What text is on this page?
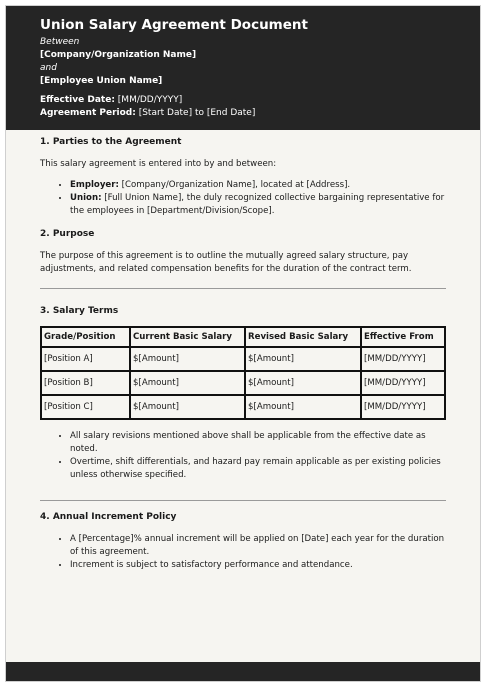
Union Salary Agreement Document
Between
[Company/Organization Name]
and
[Employee Union Name]
Effective Date: [MM/DD/YYYY]
Agreement Period: [Start Date] to [End Date]
1. Parties to the Agreement

This salary agreement is entered into by and between:

• Employer: [Company/Organization Name], located at [Address].
• Union: [Full Union Name], the duly recognized collective bargaining representative for the employees in [Department/Division/Scope].
2. Purpose

The purpose of this agreement is to outline the mutually agreed salary structure, pay adjustments, and related compensation benefits for the duration of the contract term.

3. Salary Terms
Grade/Position	Current Basic Salary	Revised Basic Salary	Effective From
[Position A]	$[Amount]	$[Amount]	[MM/DD/YYYY]
[Position B]	$[Amount]	$[Amount]	[MM/DD/YYYY]
[Position C]	$[Amount]	$[Amount]	[MM/DD/YYYY]
• All salary revisions mentioned above shall be applicable from the effective date as noted.
• Overtime, shift differentials, and hazard pay remain applicable as per existing policies unless otherwise specified.
4. Annual Increment Policy
• A [Percentage]% annual increment will be applied on [Date] each year for the duration of this agreement.
• Increment is subject to satisfactory performance and attendance.
